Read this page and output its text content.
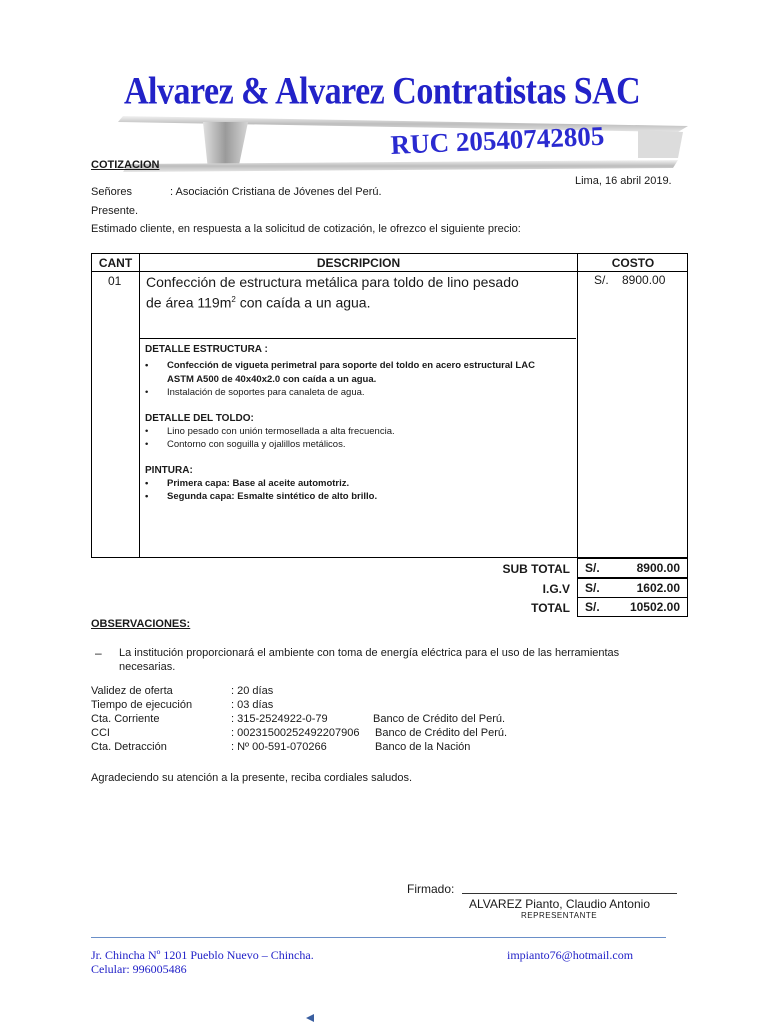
Alvarez & Alvarez Contratistas SAC
RUC 20540742805
COTIZACION
Lima, 16 abril 2019.
Señores	: Asociación Cristiana de Jóvenes del Perú.
Presente.
Estimado cliente, en respuesta a la solicitud de cotización, le ofrezco el siguiente precio:
CANT	DESCRIPCION	COSTO
01 Confección de estructura metálica para toldo de lino pesado
de área $119m^2$ con caída a un agua.
S/. 8900.00
DETALLE ESTRUCTURA :
• Confección de vigueta perimetral para soporte del toldo en acero estructural LAC ASTM A500 de 40x40x2.0 con caída a un agua.
• Instalación de soportes para canaleta de agua.
DETALLE DEL TOLDO:
• Lino pesado con unión termosellada a alta frecuencia.
• Contorno con soguilla y ojalillos metálicos.
PINTURA:
• Primera capa: Base al aceite automotriz.
• Segunda capa: Esmalte sintético de alto brillo.
SUB TOTAL S/.	8900.00
I.G.V S/.	1602.00
TOTAL S/.	10502.00
OBSERVACIONES:
– La institución proporcionará el ambiente con toma de energía eléctrica para el uso de las herramientas necesarias.
Validez de oferta	: 20 días
Tiempo de ejecución	: 03 días
Cta. Corriente	: 315-2524922-0-79	Banco de Crédito del Perú.
CCI	: 00231500252492207906 Banco de Crédito del Perú.
Cta. Detracción	: Nº 00-591-070266	Banco de la Nación
Agradeciendo su atención a la presente, reciba cordiales saludos.
Firmado:
ALVAREZ Pianto, Claudio Antonio
REPRESENTANTE
Jr. Chincha Nº 1201 Pueblo Nuevo – Chincha.	impianto76@hotmail.com
Celular: 996005486
